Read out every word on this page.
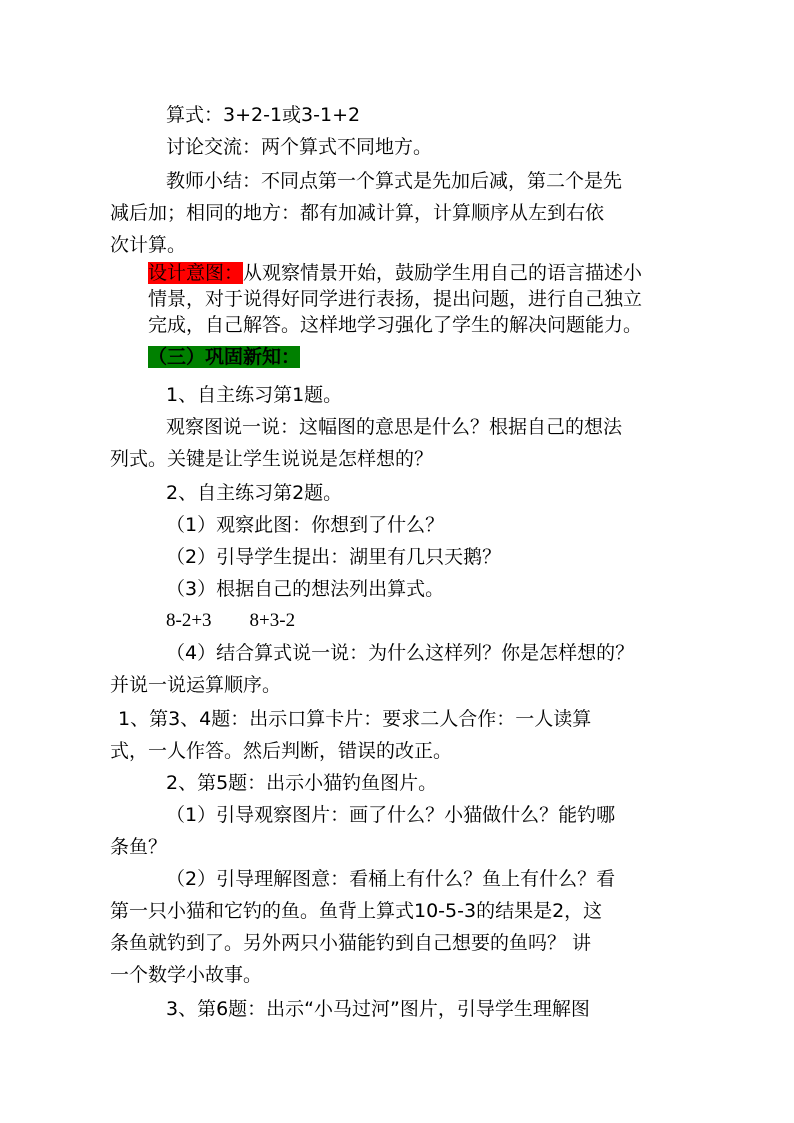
算式：3+2-1或3-1+2
讨论交流：两个算式不同地方。
教师小结：不同点第一个算式是先加后减，第二个是先
减后加；相同的地方：都有加减计算，计算顺序从左到右依
次计算。
设计意图：从观察情景开始，鼓励学生用自己的语言描述小
情景，对于说得好同学进行表扬，提出问题，进行自己独立
完成，自己解答。这样地学习强化了学生的解决问题能力。
（三）巩固新知：
1、自主练习第1题。
观察图说一说：这幅图的意思是什么？根据自己的想法
列式。关键是让学生说说是怎样想的？
2、自主练习第2题。
（1）观察此图：你想到了什么？
（2）引导学生提出：湖里有几只天鹅？
（3）根据自己的想法列出算式。
8-2+3　　8+3-2
（4）结合算式说一说：为什么这样列？你是怎样想的？
并说一说运算顺序。
1、第3、4题：出示口算卡片：要求二人合作：一人读算
式，一人作答。然后判断，错误的改正。
2、第5题：出示小猫钓鱼图片。
（1）引导观察图片：画了什么？小猫做什么？能钓哪
条鱼？
（2）引导理解图意：看桶上有什么？鱼上有什么？看
第一只小猫和它钓的鱼。鱼背上算式10-5-3的结果是2，这
条鱼就钓到了。另外两只小猫能钓到自己想要的鱼吗？ 讲
一个数学小故事。
3、第6题：出示“小马过河”图片，引导学生理解图
